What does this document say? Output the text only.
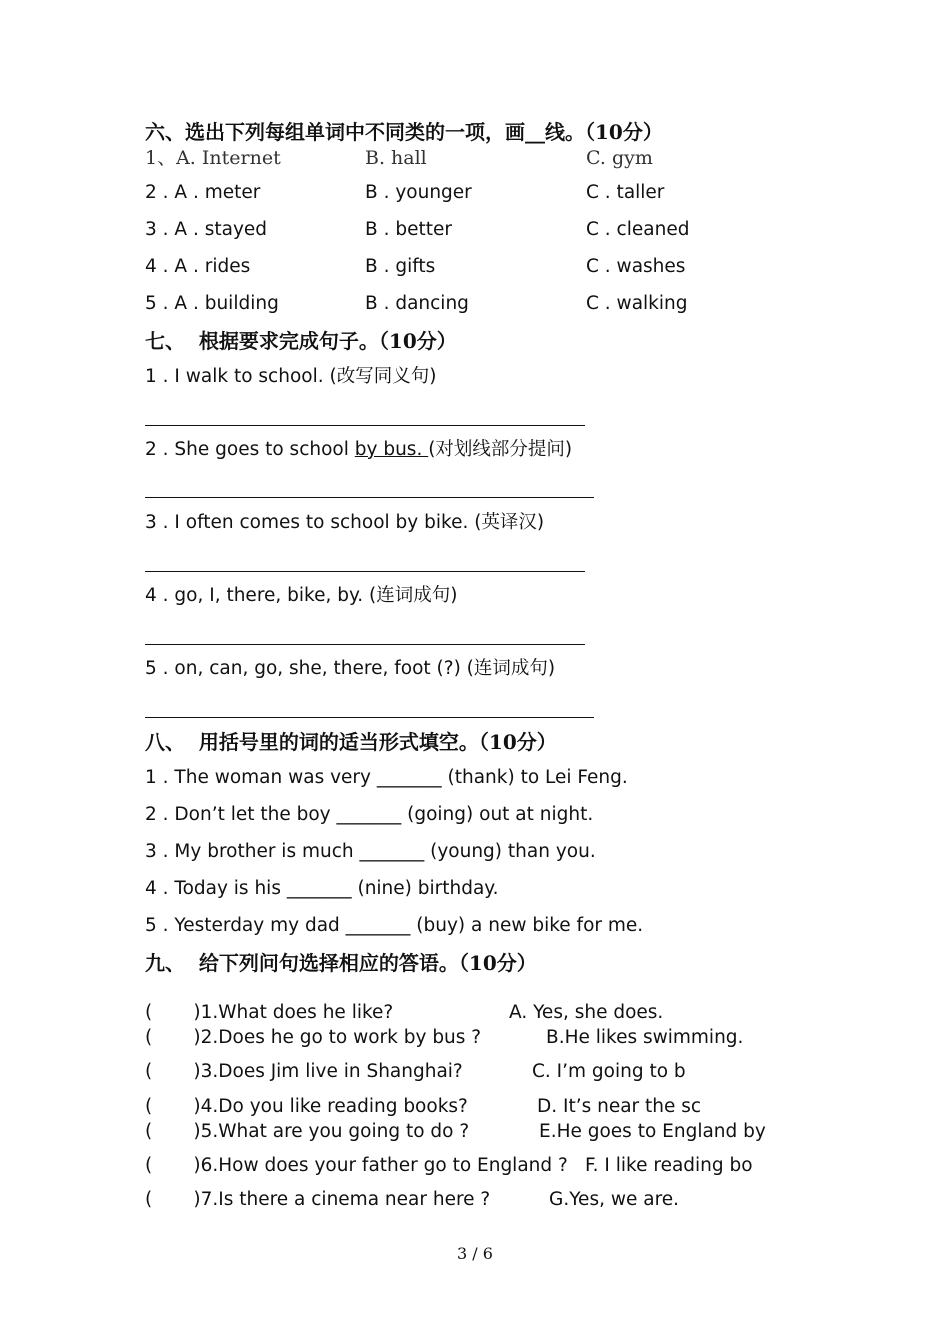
六、选出下列每组单词中不同类的一项，画__线。（10分）
1、A. Internet	B. hall	C. gym
2 . A . meter	B . younger	C . taller
3 . A . stayed	B . better	C . cleaned
4 . A . rides	B . gifts	C . washes
5 . A . building	B . dancing	C . walking
七、  根据要求完成句子。（10分）
1 . I walk to school. (改写同义句)
2 . She goes to school by bus. (对划线部分提问)
3 . I often comes to school by bike. (英译汉)
4 . go, I, there, bike, by. (连词成句)
5 . on, can, go, she, there, foot (?) (连词成句)
八、  用括号里的词的适当形式填空。（10分）
1 . The woman was very _______ (thank) to Lei Feng.
2 . Don’t let the boy _______ (going) out at night.
3 . My brother is much _______ (young) than you.
4 . Today is his _______ (nine) birthday.
5 . Yesterday my dad _______ (buy) a new bike for me.
九、  给下列问句选择相应的答语。（10分）
(       )1.What does he like?	A. Yes, she does.
(       )2.Does he go to work by bus ?	B.He likes swimming.
(       )3.Does Jim live in Shanghai?	C. I’m going to b
(       )4.Do you like reading books?	D. It’s near the sc
(       )5.What are you going to do ?	E.He goes to England by
(       )6.How does your father go to England ? F. I like reading bo
(       )7.Is there a cinema near here ?	G.Yes, we are.
3 / 6
